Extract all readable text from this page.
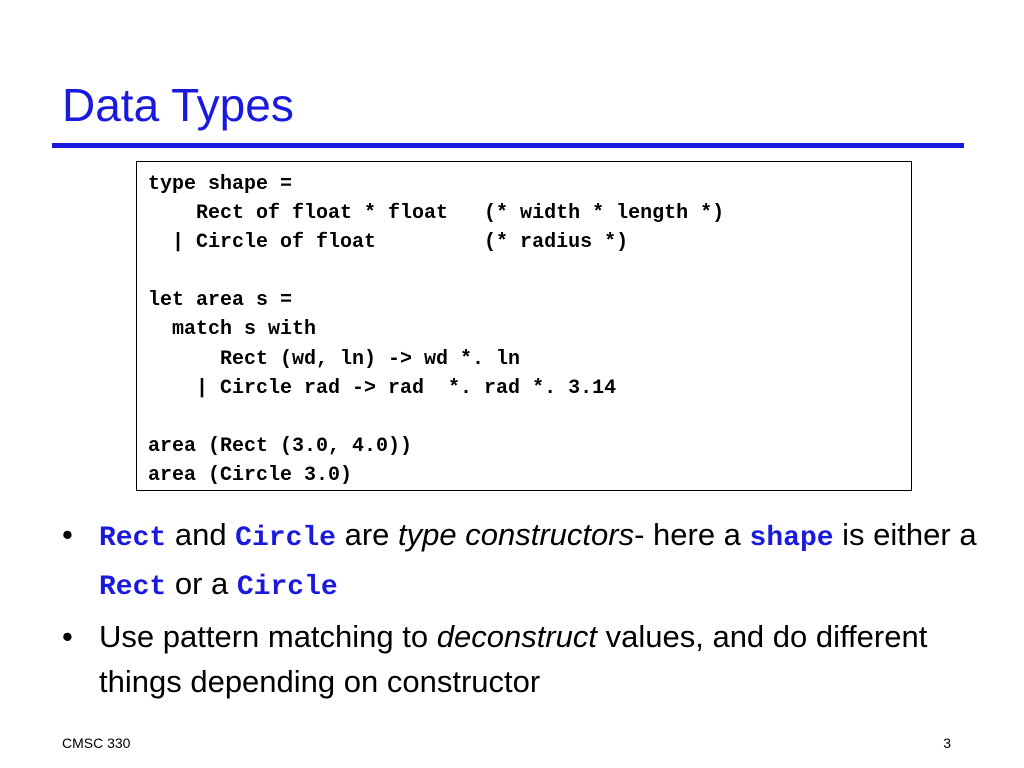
Data Types
type shape =
Rect of float * float   (* width * length *)
| Circle of float         (* radius *)
let area s =
match s with
Rect (wd, ln) -> wd *. ln
| Circle rad -> rad  *. rad *. 3.14
area (Rect (3.0, 4.0))
area (Circle 3.0)
• Rect and Circle are type constructors- here a shape is either a Rect or a Circle
• Use pattern matching to deconstruct values, and do different things depending on constructor
CMSC 330	3
